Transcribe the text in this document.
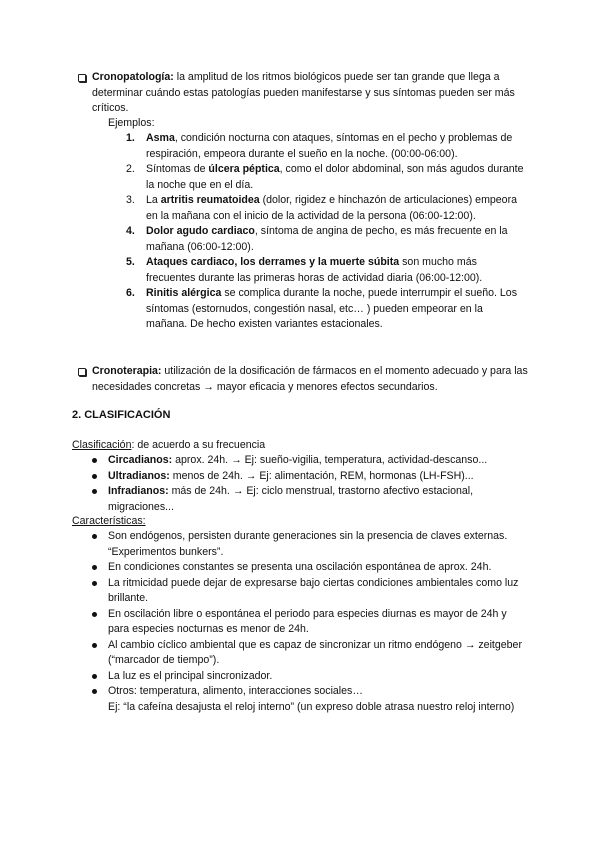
Cronopatología: la amplitud de los ritmos biológicos puede ser tan grande que llega a determinar cuándo estas patologías pueden manifestarse y sus síntomas pueden ser más críticos.
Ejemplos:
1. Asma, condición nocturna con ataques, síntomas en el pecho y problemas de respiración, empeora durante el sueño en la noche. (00:00-06:00).
2. Síntomas de úlcera péptica, como el dolor abdominal, son más agudos durante la noche que en el día.
3. La artritis reumatoidea (dolor, rigidez e hinchazón de articulaciones) empeora en la mañana con el inicio de la actividad de la persona (06:00-12:00).
4. Dolor agudo cardiaco, síntoma de angina de pecho, es más frecuente en la mañana (06:00-12:00).
5. Ataques cardiaco, los derrames y la muerte súbita son mucho más frecuentes durante las primeras horas de actividad diaria (06:00-12:00).
6. Rinitis alérgica se complica durante la noche, puede interrumpir el sueño. Los síntomas (estornudos, congestión nasal, etc… ) pueden empeorar en la mañana. De hecho existen variantes estacionales.
Cronoterapia: utilización de la dosificación de fármacos en el momento adecuado y para las necesidades concretas → mayor eficacia y menores efectos secundarios.
2. CLASIFICACIÓN
Clasificación: de acuerdo a su frecuencia
Circadianos: aprox. 24h. → Ej: sueño-vigilia, temperatura, actividad-descanso...
Ultradianos: menos de 24h. → Ej: alimentación, REM, hormonas (LH-FSH)...
Infradianos: más de 24h. → Ej: ciclo menstrual, trastorno afectivo estacional, migraciones...
Características:
Son endógenos, persisten durante generaciones sin la presencia de claves externas. “Experimentos bunkers”.
En condiciones constantes se presenta una oscilación espontánea de aprox. 24h.
La ritmicidad puede dejar de expresarse bajo ciertas condiciones ambientales como luz brillante.
En oscilación libre o espontánea el periodo para especies diurnas es mayor de 24h y para especies nocturnas es menor de 24h.
Al cambio cíclico ambiental que es capaz de sincronizar un ritmo endógeno → zeitgeber (“marcador de tiempo”).
La luz es el principal sincronizador.
Otros: temperatura, alimento, interacciones sociales…
Ej: “la cafeína desajusta el reloj interno” (un expreso doble atrasa nuestro reloj interno)
